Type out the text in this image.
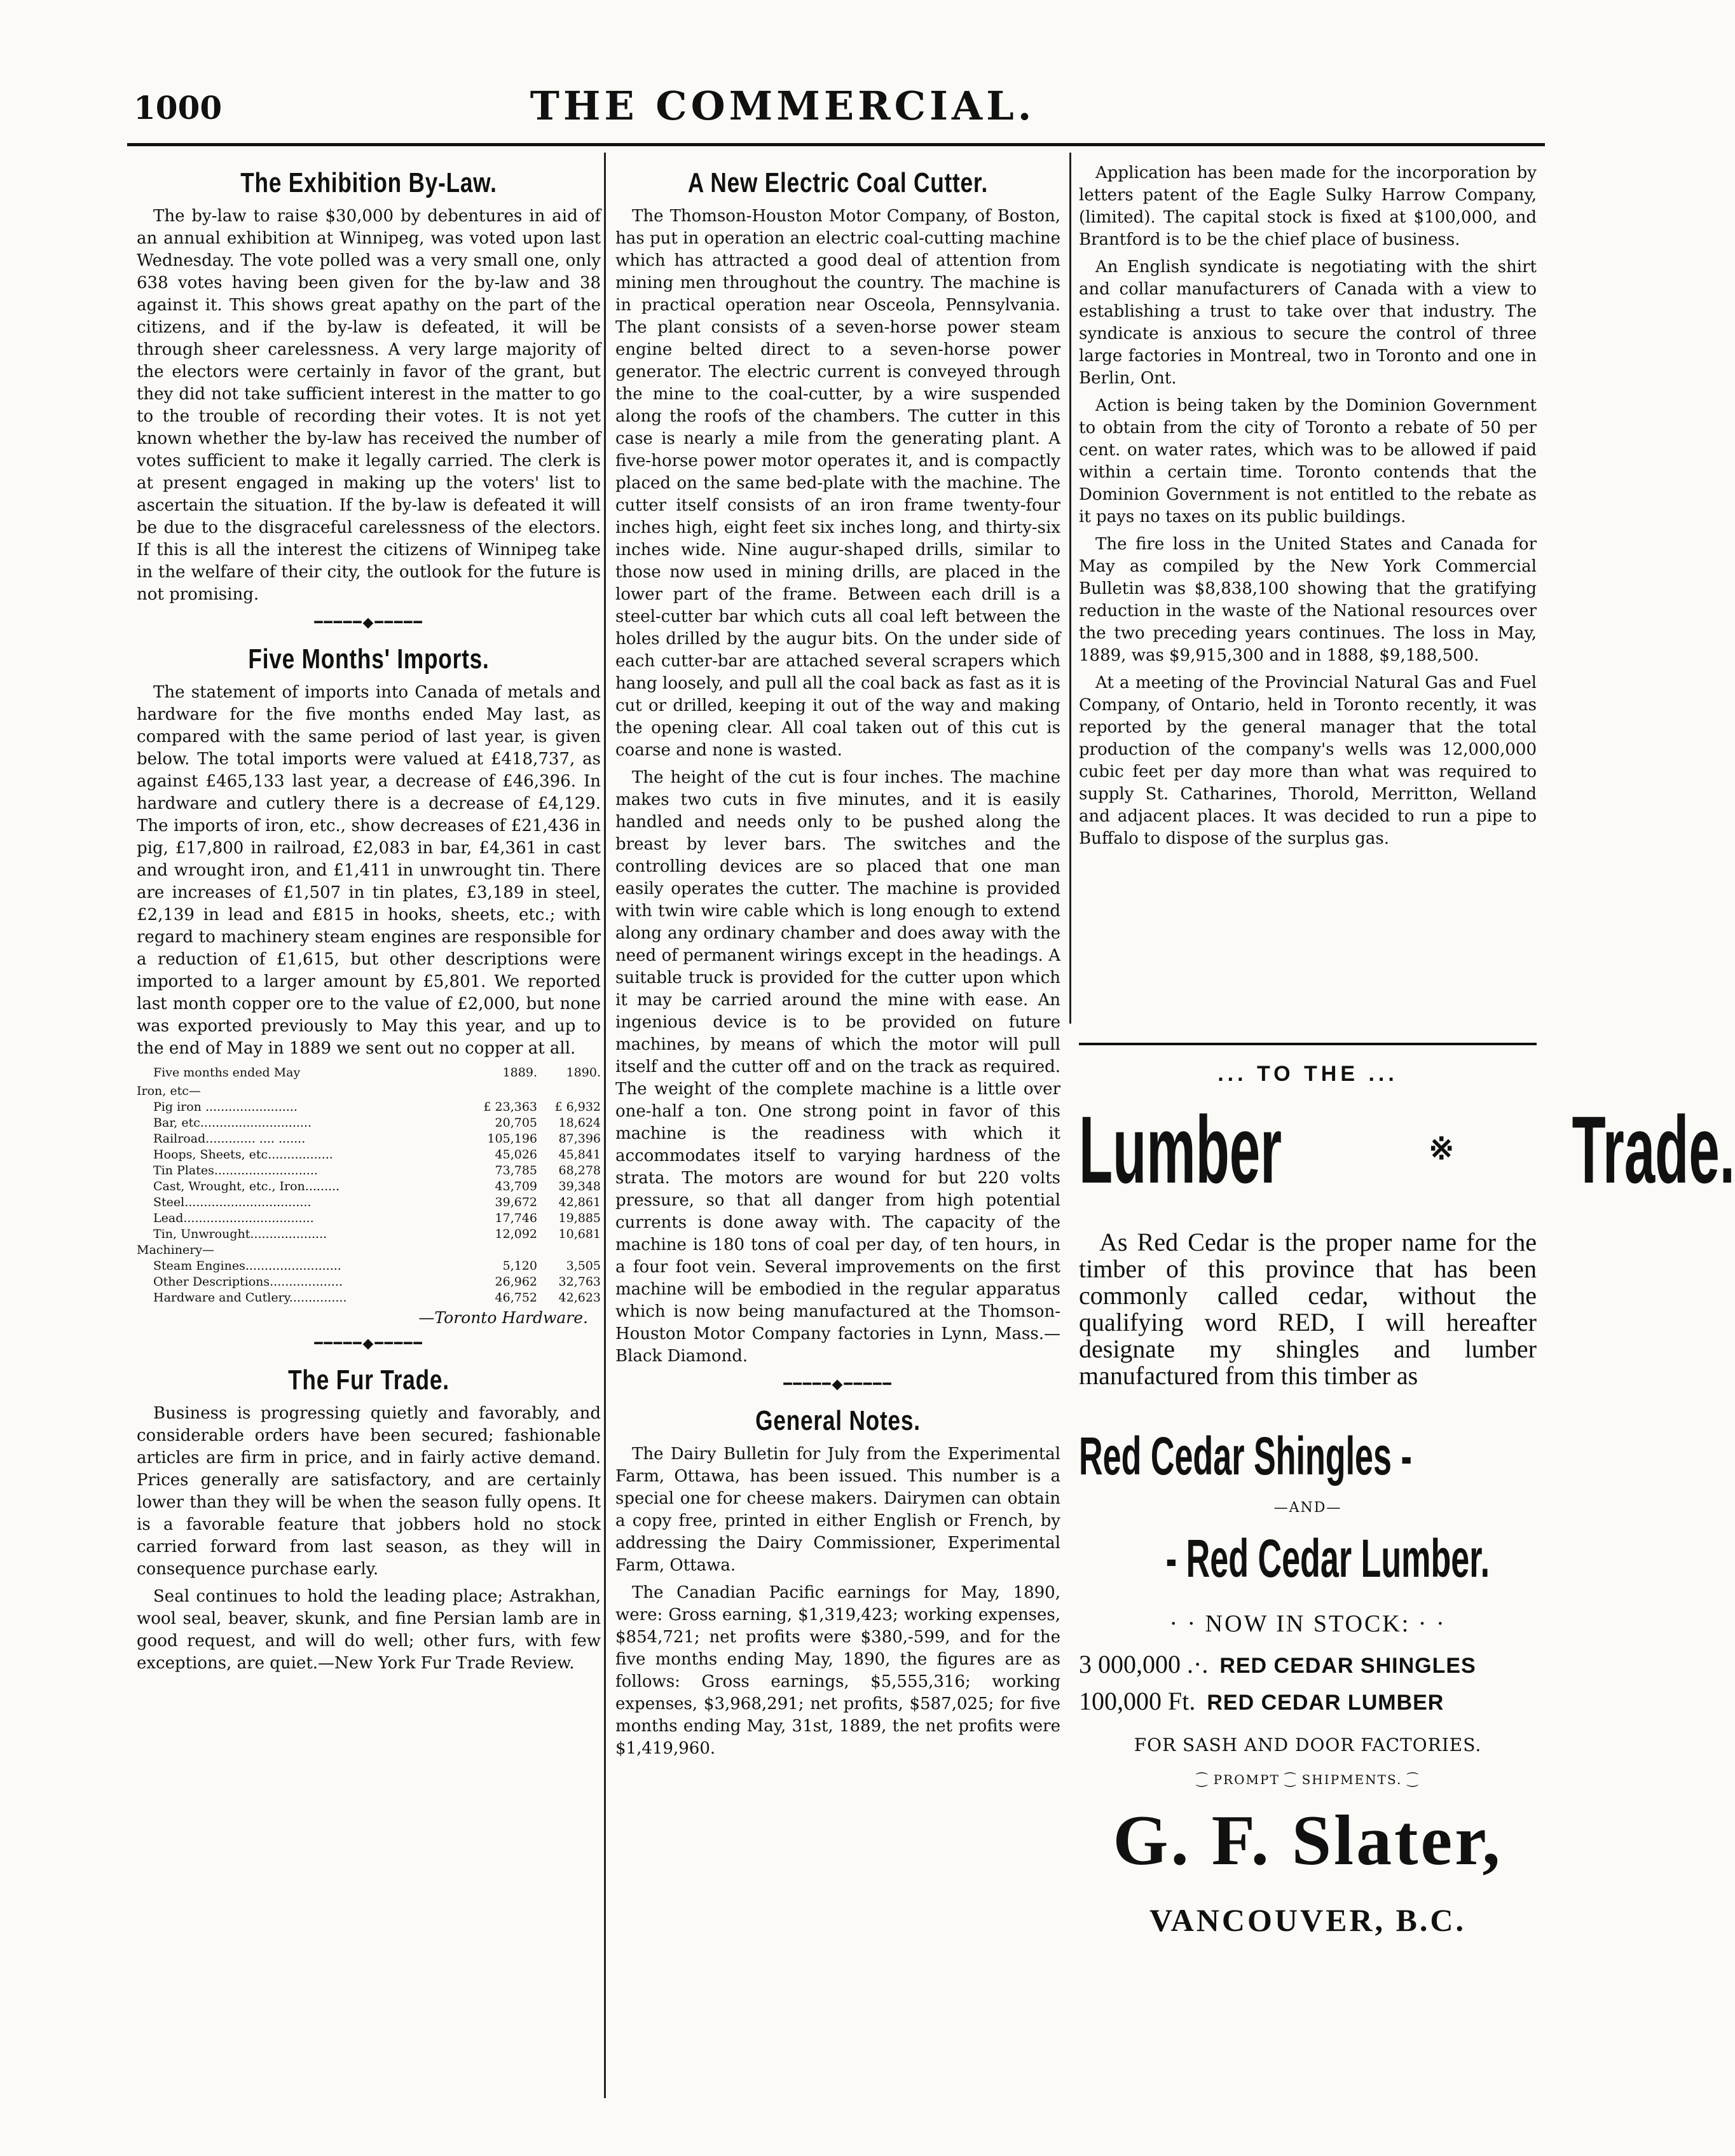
1000	THE COMMERCIAL.
The Exhibition By-Law.

The by-law to raise $30,000 by debentures in aid of an annual exhibition at Winnipeg, was voted upon last Wednesday. The vote polled was a very small one, only 638 votes having been given for the by-law and 38 against it. This shows great apathy on the part of the citizens, and if the by-law is defeated, it will be through sheer carelessness. A very large majority of the electors were certainly in favor of the grant, but they did not take sufficient interest in the matter to go to the trouble of recording their votes. It is not yet known whether the by-law has received the number of votes sufficient to make it legally carried. The clerk is at present engaged in making up the voters' list to ascertain the situation. If the by-law is defeated it will be due to the disgraceful carelessness of the electors. If this is all the interest the citizens of Winnipeg take in the welfare of their city, the outlook for the future is not promising.

━━━━━◆━━━━━
Five Months' Imports.

The statement of imports into Canada of metals and hardware for the five months ended May last, as compared with the same period of last year, is given below. The total imports were valued at £418,737, as against £465,133 last year, a decrease of £46,396. In hardware and cutlery there is a decrease of £4,129. The imports of iron, etc., show decreases of £21,436 in pig, £17,800 in railroad, £2,083 in bar, £4,361 in cast and wrought iron, and £1,411 in unwrought tin. There are increases of £1,507 in tin plates, £3,189 in steel, £2,139 in lead and £815 in hooks, sheets, etc.; with regard to machinery steam engines are responsible for a reduction of £1,615, but other descriptions were imported to a larger amount by £5,801. We reported last month copper ore to the value of £2,000, but none was exported previously to May this year, and up to the end of May in 1889 we sent out no copper at all.

Five months ended May	1889.	1890.
Iron, etc—		
Pig iron ........................	£ 23,363	£ 6,932
Bar, etc.............................	20,705	18,624
Railroad............. .... .......	105,196	87,396
Hoops, Sheets, etc.................	45,026	45,841
Tin Plates...........................	73,785	68,278
Cast, Wrought, etc., Iron.........	43,709	39,348
Steel.................................	39,672	42,861
Lead..................................	17,746	19,885
Tin, Unwrought....................	12,092	10,681
Machinery—		
Steam Engines.........................	5,120	3,505
Other Descriptions...................	26,962	32,763
Hardware and Cutlery...............	46,752	42,623
—Toronto Hardware.
━━━━━◆━━━━━
The Fur Trade.

Business is progressing quietly and favorably, and considerable orders have been secured; fashionable articles are firm in price, and in fairly active demand. Prices generally are satisfactory, and are certainly lower than they will be when the season fully opens. It is a favorable feature that jobbers hold no stock carried forward from last season, as they will in consequence purchase early.

Seal continues to hold the leading place; Astrakhan, wool seal, beaver, skunk, and fine Persian lamb are in good request, and will do well; other furs, with few exceptions, are quiet.—New York Fur Trade Review.

A New Electric Coal Cutter.

The Thomson-Houston Motor Company, of Boston, has put in operation an electric coal-cutting machine which has attracted a good deal of attention from mining men throughout the country. The machine is in practical operation near Osceola, Pennsylvania. The plant consists of a seven-horse power steam engine belted direct to a seven-horse power generator. The electric current is conveyed through the mine to the coal-cutter, by a wire suspended along the roofs of the chambers. The cutter in this case is nearly a mile from the generating plant. A five-horse power motor operates it, and is compactly placed on the same bed-plate with the machine. The cutter itself consists of an iron frame twenty-four inches high, eight feet six inches long, and thirty-six inches wide. Nine augur-shaped drills, similar to those now used in mining drills, are placed in the lower part of the frame. Between each drill is a steel-cutter bar which cuts all coal left between the holes drilled by the augur bits. On the under side of each cutter-bar are attached several scrapers which hang loosely, and pull all the coal back as fast as it is cut or drilled, keeping it out of the way and making the opening clear. All coal taken out of this cut is coarse and none is wasted.

The height of the cut is four inches. The machine makes two cuts in five minutes, and it is easily handled and needs only to be pushed along the breast by lever bars. The switches and the controlling devices are so placed that one man easily operates the cutter. The machine is provided with twin wire cable which is long enough to extend along any ordinary chamber and does away with the need of permanent wirings except in the headings. A suitable truck is provided for the cutter upon which it may be carried around the mine with ease. An ingenious device is to be provided on future machines, by means of which the motor will pull itself and the cutter off and on the track as required. The weight of the complete machine is a little over one-half a ton. One strong point in favor of this machine is the readiness with which it accommodates itself to varying hardness of the strata. The motors are wound for but 220 volts pressure, so that all danger from high potential currents is done away with. The capacity of the machine is 180 tons of coal per day, of ten hours, in a four foot vein. Several improvements on the first machine will be embodied in the regular apparatus which is now being manufactured at the Thomson-Houston Motor Company factories in Lynn, Mass.—Black Diamond.

━━━━━◆━━━━━
General Notes.

The Dairy Bulletin for July from the Experimental Farm, Ottawa, has been issued. This number is a special one for cheese makers. Dairymen can obtain a copy free, printed in either English or French, by addressing the Dairy Commissioner, Experimental Farm, Ottawa.

The Canadian Pacific earnings for May, 1890, were: Gross earning, $1,319,423; working expenses, $854,721; net profits were $380,-599, and for the five months ending May, 1890, the figures are as follows: Gross earnings, $5,555,316; working expenses, $3,968,291; net profits, $587,025; for five months ending May, 31st, 1889, the net profits were $1,419,960.

Application has been made for the incorporation by letters patent of the Eagle Sulky Harrow Company, (limited). The capital stock is fixed at $100,000, and Brantford is to be the chief place of business.

An English syndicate is negotiating with the shirt and collar manufacturers of Canada with a view to establishing a trust to take over that industry. The syndicate is anxious to secure the control of three large factories in Montreal, two in Toronto and one in Berlin, Ont.

Action is being taken by the Dominion Government to obtain from the city of Toronto a rebate of 50 per cent. on water rates, which was to be allowed if paid within a certain time. Toronto contends that the Dominion Government is not entitled to the rebate as it pays no taxes on its public buildings.

The fire loss in the United States and Canada for May as compiled by the New York Commercial Bulletin was $8,838,100 showing that the gratifying reduction in the waste of the National resources over the two preceding years continues. The loss in May, 1889, was $9,915,300 and in 1888, $9,188,500.

At a meeting of the Provincial Natural Gas and Fuel Company, of Ontario, held in Toronto recently, it was reported by the general manager that the total production of the company's wells was 12,000,000 cubic feet per day more than what was required to supply St. Catharines, Thorold, Merritton, Welland and adjacent places. It was decided to run a pipe to Buffalo to dispose of the surplus gas.

... TO THE ...
Lumber	※ Trade.
As Red Cedar is the proper name for the timber of this province that has been commonly called cedar, without the qualifying word RED, I will hereafter designate my shingles and lumber manufactured from this timber as
Red Cedar Shingles -
—AND—
- Red Cedar Lumber.
· · NOW IN STOCK: · ·
3 000,000 .·. RED CEDAR SHINGLES
100,000 Ft. RED CEDAR LUMBER
FOR SASH AND DOOR FACTORIES.
⁐ PROMPT ⁐ SHIPMENTS. ⁐
G. F. Slater,
VANCOUVER, B.C.
